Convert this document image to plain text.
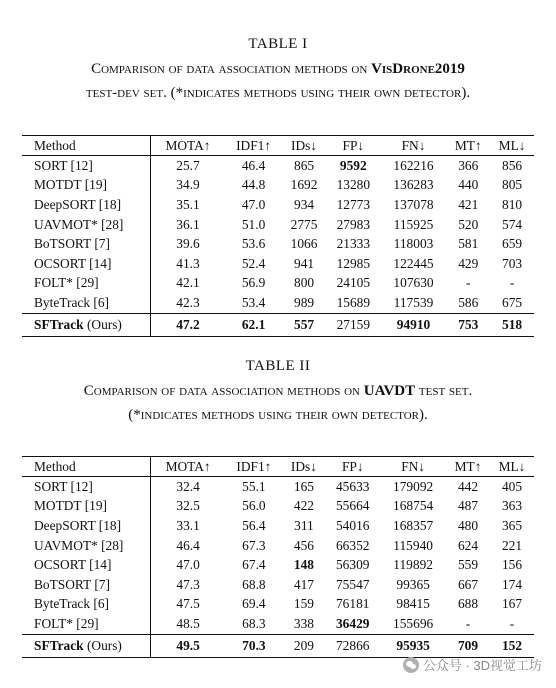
TABLE I

Comparison of data association methods on VisDrone2019

test-dev set. (*indicates methods using their own detector).

Method	MOTA↑	IDF1↑	IDs↓	FP↓	FN↓	MT↑	ML↓
SORT [12]	25.7	46.4	865	9592	162216	366	856
MOTDT [19]	34.9	44.8	1692	13280	136283	440	805
DeepSORT [18]	35.1	47.0	934	12773	137078	421	810
UAVMOT* [28]	36.1	51.0	2775	27983	115925	520	574
BoTSORT [7]	39.6	53.6	1066	21333	118003	581	659
OCSORT [14]	41.3	52.4	941	12985	122445	429	703
FOLT* [29]	42.1	56.9	800	24105	107630	-	-
ByteTrack [6]	42.3	53.4	989	15689	117539	586	675
SFTrack (Ours)	47.2	62.1	557	27159	94910	753	518

TABLE II

Comparison of data association methods on UAVDT test set.

(*indicates methods using their own detector).

Method	MOTA↑	IDF1↑	IDs↓	FP↓	FN↓	MT↑	ML↓
SORT [12]	32.4	55.1	165	45633	179092	442	405
MOTDT [19]	32.5	56.0	422	55664	168754	487	363
DeepSORT [18]	33.1	56.4	311	54016	168357	480	365
UAVMOT* [28]	46.4	67.3	456	66352	115940	624	221
OCSORT [14]	47.0	67.4	148	56309	119892	559	156
BoTSORT [7]	47.3	68.8	417	75547	99365	667	174
ByteTrack [6]	47.5	69.4	159	76181	98415	688	167
FOLT* [29]	48.5	68.3	338	36429	155696	-	-
SFTrack (Ours)	49.5	70.3	209	72866	95935	709	152
公众号 · 3D视觉工坊
